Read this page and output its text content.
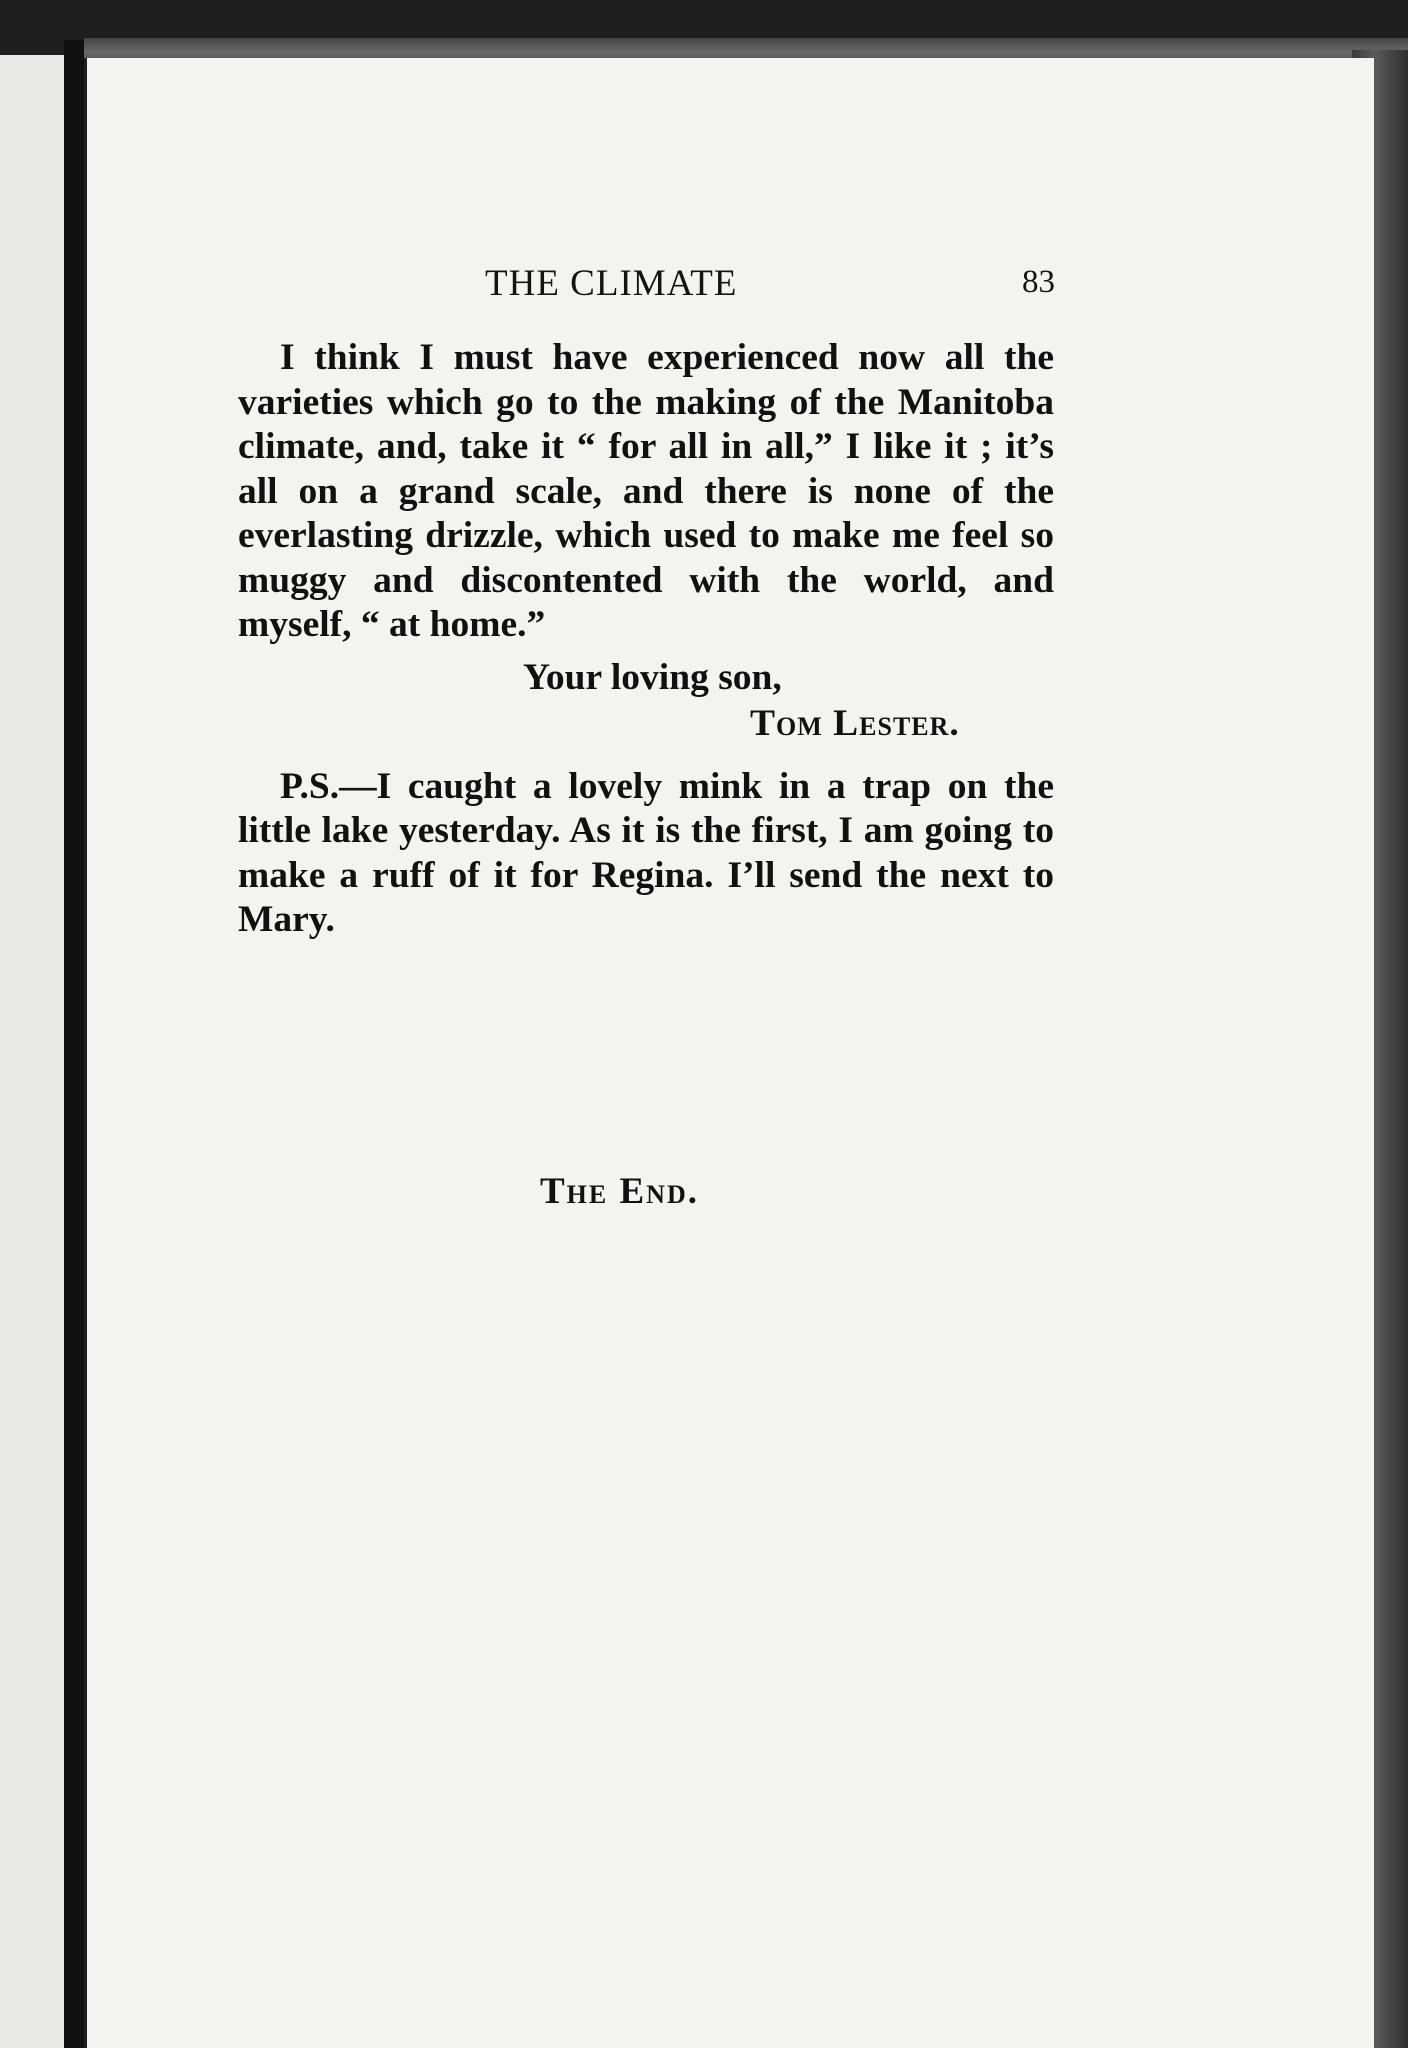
THE CLIMATE	83

I think I must have experienced now all the varieties which go to the making of the Manitoba climate, and, take it “ for all in all,” I like it ; it’s all on a grand scale, and there is none of the everlasting drizzle, which used to make me feel so muggy and discontented with the world, and myself, “ at home.”

Your loving son,

Tom Lester.

P.S.—I caught a lovely mink in a trap on the little lake yesterday. As it is the first, I am going to make a ruff of it for Regina. I’ll send the next to Mary.

The End.
